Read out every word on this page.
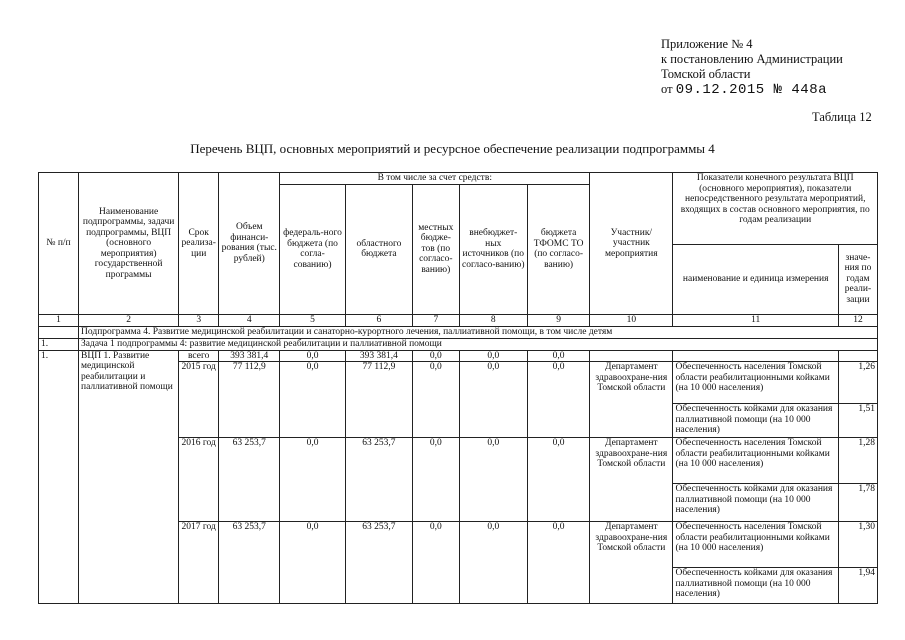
Приложение № 4
к постановлению Администрации
Томской области
от 09.12.2015 № 448а
Таблица 12
Перечень ВЦП, основных мероприятий и ресурсное обеспечение реализации подпрограммы 4
№ п/п	Наименование подпрограммы, задачи подпрограммы, ВЦП (основного мероприятия) государственной программы	Срок реализа-ции	Объем финанси-рования (тыс. рублей)	В том числе за счет средств:					Участник/ участник мероприятия	Показатели конечного результата ВЦП (основного мероприятия), показатели непосредственного результата мероприятий, входящих в состав основного мероприятия, по годам реализации	
				федераль-ного бюджета (по согла-сованию)	областного бюджета	местных бюдже-тов (по согласо-ванию)	внебюджет-ных источников (по согласо-ванию)	бюджета ТФОМС ТО (по согласо-ванию)			
										наименование и единица измерения	значе-ния по годам реали-зации
1	2	3	4	5	6	7	8	9	10	11	12
	Подпрограмма 4. Развитие медицинской реабилитации и санаторно-курортного лечения, паллиативной помощи, в том числе детям										
1.	Задача 1 подпрограммы 4: развитие медицинской реабилитации и паллиативной помощи										
1.	ВЦП 1. Развитие медицинской реабилитации и паллиативной помощи	всего	393 381,4	0,0	393 381,4	0,0	0,0	0,0			
		2015 год	77 112,9	0,0	77 112,9	0,0	0,0	0,0	Департамент здравоохране-ния Томской области	Обеспеченность населения Томской области реабилитационными койками (на 10 000 населения)	1,26
										Обеспеченность койками для оказания паллиативной помощи (на 10 000 населения)	1,51
		2016 год	63 253,7	0,0	63 253,7	0,0	0,0	0,0	Департамент здравоохране-ния Томской области	Обеспеченность населения Томской области реабилитационными койками (на 10 000 населения)	1,28
										Обеспеченность койками для оказания паллиативной помощи (на 10 000 населения)	1,78
		2017 год	63 253,7	0,0	63 253,7	0,0	0,0	0,0	Департамент здравоохране-ния Томской области	Обеспеченность населения Томской области реабилитационными койками (на 10 000 населения)	1,30
										Обеспеченность койками для оказания паллиативной помощи (на 10 000 населения)	1,94
